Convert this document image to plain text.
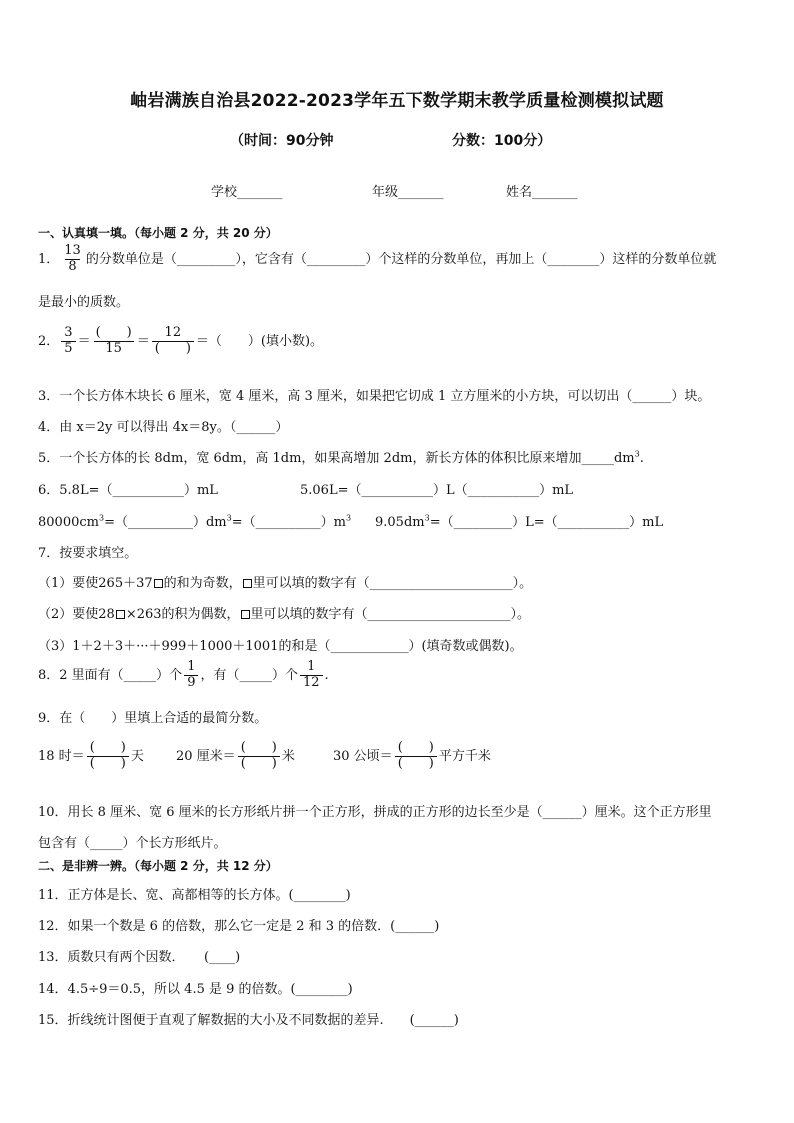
岫岩满族自治县2022-2023学年五下数学期末教学质量检测模拟试题
（时间：90分钟	分数：100分）
学校_______	年级_______	姓名_______
一、认真填一填。（每小题 2 分，共 20 分）
1． $\frac{13}{8}$ 的分数单位是（_________），它含有（_________）个这样的分数单位，再加上（________）这样的分数单位就
是最小的质数。
2． $\frac{3}{5} = \frac{( )}{15} = \frac{12}{( )}$ ＝（　　）(填小数)。
3．一个长方体木块长 6 厘米，宽 4 厘米，高 3 厘米，如果把它切成 1 立方厘米的小方块，可以切出（______）块。
4．由 x＝2y 可以得出 4x＝8y。（______）
5．一个长方体的长 8dm，宽 6dm，高 1dm，如果高增加 2dm，新长方体的体积比原来增加$\_\_\_\_\_dm^3$.
6．5.8L=（___________）mL	5.06L=（___________）L（___________）mL
$80000cm^3=(\_\_\_\_\_\_\_\_\_\_)dm^3=(\_\_\_\_\_\_\_\_\_\_)m^3$ $9.05dm^3=(\_\_\_\_\_\_\_\_\_)L=(\_\_\_\_\_\_\_\_\_\_\_)mL$
7．按要求填空。
（1）要使265＋37 的和为奇数， 里可以填的数字有（______________________）。
（2）要使28 ×263的积为偶数， 里可以填的数字有（______________________）。
（3）1＋2＋3＋···＋999＋1000＋1001的和是（____________）(填奇数或偶数)。
8．2 里面有（_____）个 $\frac{1}{9}$ ，有（_____）个 $\frac{1}{12}$ .
9．在（　　）里填上合适的最简分数。
18 时＝ $\frac{( )}{( )}$ 天 20 厘米＝ $\frac{( )}{( )}$ 米	30 公顷＝ $\frac{( )}{( )}$ 平方千米
10．用长 8 厘米、宽 6 厘米的长方形纸片拼一个正方形，拼成的正方形的边长至少是（______）厘米。这个正方形里
包含有（_____）个长方形纸片。
二、是非辨一辨。（每小题 2 分，共 12 分）
11．正方体是长、宽、高都相等的长方体。(________)
12．如果一个数是 6 的倍数，那么它一定是 2 和 3 的倍数．(______)
13．质数只有两个因数．　　(____)
14．4.5÷9＝0.5，所以 4.5 是 9 的倍数。(________)
15．折线统计图便于直观了解数据的大小及不同数据的差异.　　(______)
